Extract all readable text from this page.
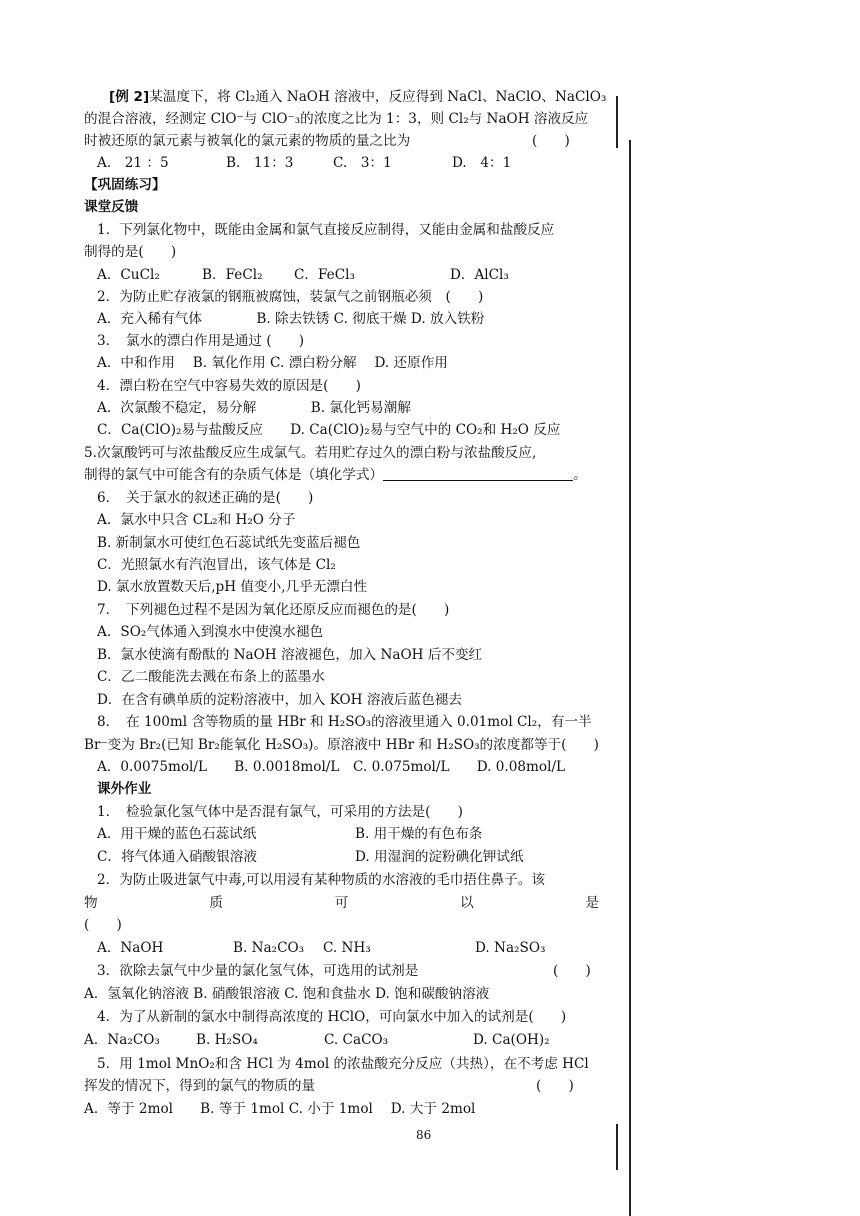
[例 2]某温度下，将 Cl₂通入 NaOH 溶液中，反应得到 NaCl、NaClO、NaClO₃
的混合溶液，经测定 ClO⁻与 ClO⁻₃的浓度之比为 1：3，则 Cl₂与 NaOH 溶液反应
时被还原的氯元素与被氧化的氯元素的物质的量之比为	(　　)
A.　21 ：5	B.　11：3	C.　3：1	D.　4：1
【巩固练习】
课堂反馈
1．下列氯化物中，既能由金属和氯气直接反应制得，又能由金属和盐酸反应
制得的是(　　)
A．CuCl₂	B．FeCl₂ C．FeCl₃	D．AlCl₃
2．为防止贮存液氯的钢瓶被腐蚀，装氯气之前钢瓶必须　(　　)
A．充入稀有气体　　　　B. 除去铁锈 C. 彻底干燥 D. 放入铁粉
3．　氯水的漂白作用是通过 (　　)
A．中和作用　 B. 氧化作用 C. 漂白粉分解　 D. 还原作用
4．漂白粉在空气中容易失效的原因是(　　)
A．次氯酸不稳定，易分解　　　　B. 氯化钙易潮解
C．Ca(ClO)₂易与盐酸反应　　D. Ca(ClO)₂易与空气中的 CO₂和 H₂O 反应
5.次氯酸钙可与浓盐酸反应生成氯气。若用贮存过久的漂白粉与浓盐酸反应,
制得的氯气中可能含有的杂质气体是（填化学式）	。
6．　关于氯水的叙述正确的是(　　)
A．氯水中只含 CL₂和 H₂O 分子
B. 新制氯水可使红色石蕊试纸先变蓝后褪色
C．光照氯水有汽泡冒出，该气体是 Cl₂
D. 氯水放置数天后,pH 值变小,几乎无漂白性
7．　下列褪色过程不是因为氧化还原反应而褪色的是(　　)
A．SO₂气体通入到溴水中使溴水褪色
B．氯水使滴有酚酞的 NaOH 溶液褪色，加入 NaOH 后不变红
C．乙二酸能洗去溅在布条上的蓝墨水
D．在含有碘单质的淀粉溶液中，加入 KOH 溶液后蓝色褪去
8．　在 100ml 含等物质的量 HBr 和 H₂SO₃的溶液里通入 0.01mol Cl₂，有一半
Br⁻变为 Br₂(已知 Br₂能氧化 H₂SO₃)。原溶液中 HBr 和 H₂SO₃的浓度都等于(　　)
A．0.0075mol/L　　B. 0.0018mol/L　C. 0.075mol/L　　D. 0.08mol/L
课外作业
1．　检验氯化氢气体中是否混有氯气，可采用的方法是(　　)
A．用干燥的蓝色石蕊试纸	B. 用干燥的有色布条
C．将气体通入硝酸银溶液	D. 用湿润的淀粉碘化钾试纸
2．为防止吸进氯气中毒,可以用浸有某种物质的水溶液的毛巾捂住鼻子。该
物	质	可	以	是
(　　)
A．NaOH	B. Na₂CO₃ C. NH₃	D. Na₂SO₃
3．欲除去氯气中少量的氯化氢气体，可选用的试剂是	(　　)
A．氢氧化钠溶液 B. 硝酸银溶液 C. 饱和食盐水 D. 饱和碳酸钠溶液
4．为了从新制的氯水中制得高浓度的 HClO，可向氯水中加入的试剂是(　　)
A．Na₂CO₃	B. H₂SO₄	C. CaCO₃	D. Ca(OH)₂
5．用 1mol MnO₂和含 HCl 为 4mol 的浓盐酸充分反应（共热），在不考虑 HCl
挥发的情况下，得到的氯气的物质的量	(　　)
A．等于 2mol　　B. 等于 1mol C. 小于 1mol　 D. 大于 2mol
86
